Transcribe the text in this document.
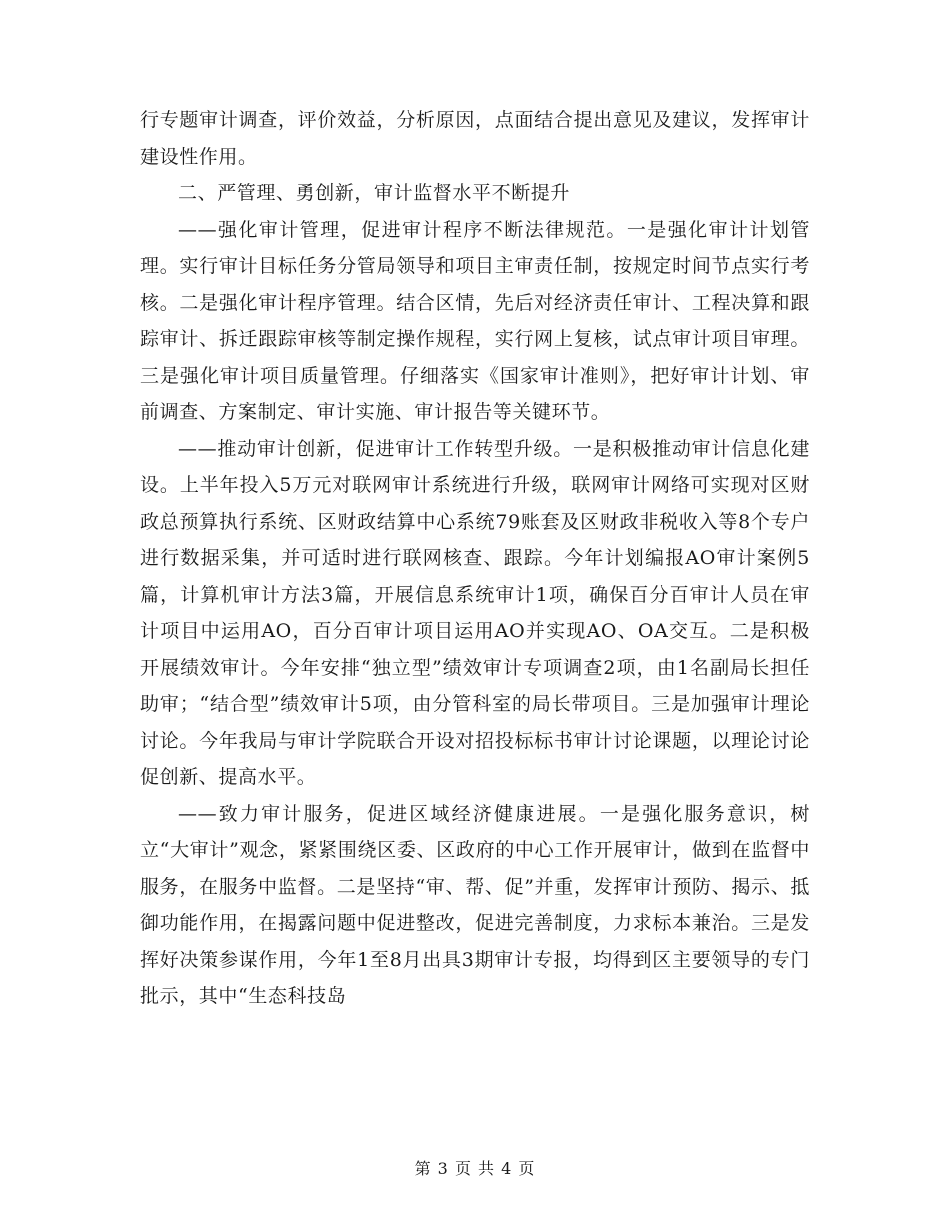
行专题审计调查，评价效益，分析原因，点面结合提出意见及建议，发挥审计建设性作用。

二、严管理、勇创新，审计监督水平不断提升

——强化审计管理，促进审计程序不断法律规范。一是强化审计计划管理。实行审计目标任务分管局领导和项目主审责任制，按规定时间节点实行考核。二是强化审计程序管理。结合区情，先后对经济责任审计、工程决算和跟踪审计、拆迁跟踪审核等制定操作规程，实行网上复核，试点审计项目审理。三是强化审计项目质量管理。仔细落实《国家审计准则》，把好审计计划、审前调查、方案制定、审计实施、审计报告等关键环节。

——推动审计创新，促进审计工作转型升级。一是积极推动审计信息化建设。上半年投入5万元对联网审计系统进行升级，联网审计网络可实现对区财政总预算执行系统、区财政结算中心系统79账套及区财政非税收入等8个专户进行数据采集，并可适时进行联网核查、跟踪。今年计划编报AO审计案例5篇，计算机审计方法3篇，开展信息系统审计1项，确保百分百审计人员在审计项目中运用AO，百分百审计项目运用AO并实现AO、OA交互。二是积极开展绩效审计。今年安排“独立型”绩效审计专项调查2项，由1名副局长担任助审；“结合型”绩效审计5项，由分管科室的局长带项目。三是加强审计理论讨论。今年我局与审计学院联合开设对招投标标书审计讨论课题，以理论讨论促创新、提高水平。

——致力审计服务，促进区域经济健康进展。一是强化服务意识，树立“大审计”观念，紧紧围绕区委、区政府的中心工作开展审计，做到在监督中服务，在服务中监督。二是坚持“审、帮、促”并重，发挥审计预防、揭示、抵御功能作用，在揭露问题中促进整改，促进完善制度，力求标本兼治。三是发挥好决策参谋作用，今年1至8月出具3期审计专报，均得到区主要领导的专门批示，其中“生态科技岛

第 3 页 共 4 页
